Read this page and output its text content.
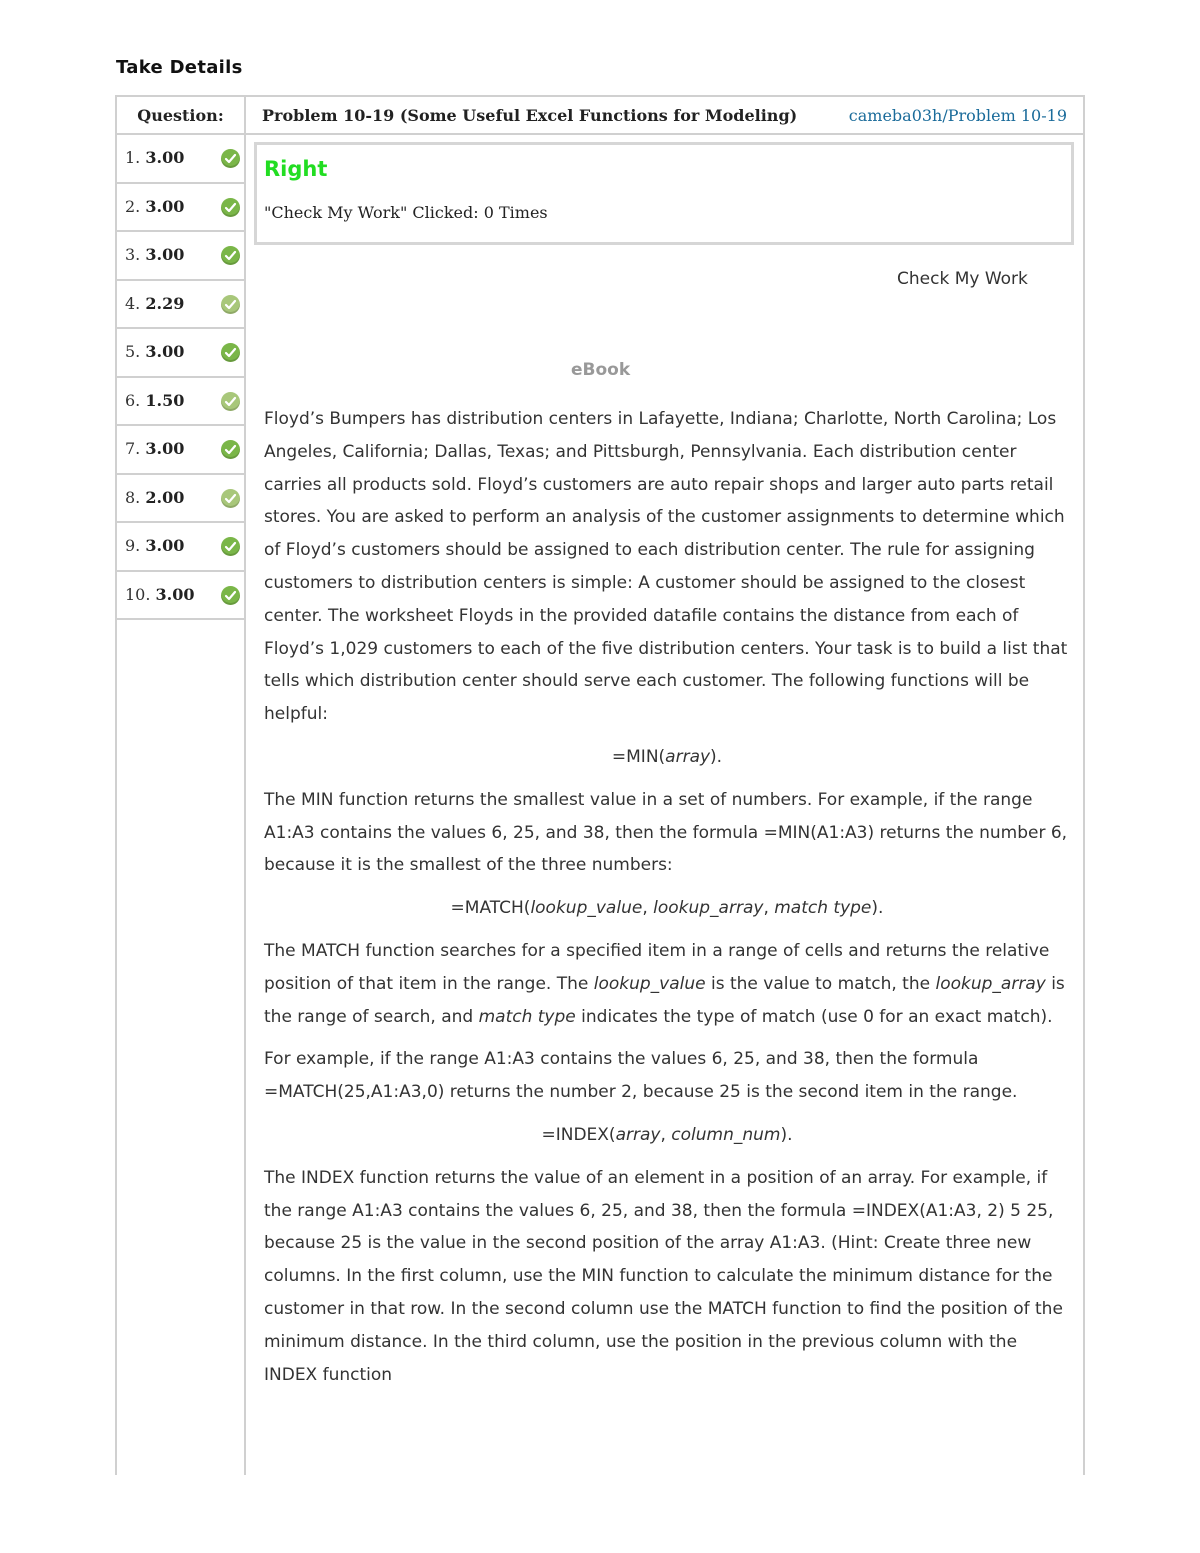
Take Details
Question:
1. 3.00
2. 3.00
3. 3.00
4. 2.29
5. 3.00
6. 1.50
7. 3.00
8. 2.00
9. 3.00
10. 3.00
Problem 10-19 (Some Useful Excel Functions for Modeling)	cameba03h/Problem 10-19
Right
"Check My Work" Clicked: 0 Times
Check My Work
eBook

Floyd’s Bumpers has distribution centers in Lafayette, Indiana; Charlotte, North Carolina; Los Angeles, California; Dallas, Texas; and Pittsburgh, Pennsylvania. Each distribution center carries all products sold. Floyd’s customers are auto repair shops and larger auto parts retail stores. You are asked to perform an analysis of the customer assignments to determine which of Floyd’s customers should be assigned to each distribution center. The rule for assigning customers to distribution centers is simple: A customer should be assigned to the closest center. The worksheet Floyds in the provided datafile contains the distance from each of Floyd’s 1,029 customers to each of the five distribution centers. Your task is to build a list that tells which distribution center should serve each customer. The following functions will be helpful:

=MIN(array).

The MIN function returns the smallest value in a set of numbers. For example, if the range A1:A3 contains the values 6, 25, and 38, then the formula =MIN(A1:A3) returns the number 6, because it is the smallest of the three numbers:

=MATCH(lookup_value, lookup_array, match type).

The MATCH function searches for a specified item in a range of cells and returns the relative position of that item in the range. The lookup_value is the value to match, the lookup_array is the range of search, and match type indicates the type of match (use 0 for an exact match).

For example, if the range A1:A3 contains the values 6, 25, and 38, then the formula =MATCH(25,A1:A3,0) returns the number 2, because 25 is the second item in the range.

=INDEX(array, column_num).

The INDEX function returns the value of an element in a position of an array. For example, if the range A1:A3 contains the values 6, 25, and 38, then the formula =INDEX(A1:A3, 2) 5 25, because 25 is the value in the second position of the array A1:A3. (Hint: Create three new columns. In the first column, use the MIN function to calculate the minimum distance for the customer in that row. In the second column use the MATCH function to find the position of the minimum distance. In the third column, use the position in the previous column with the INDEX function
